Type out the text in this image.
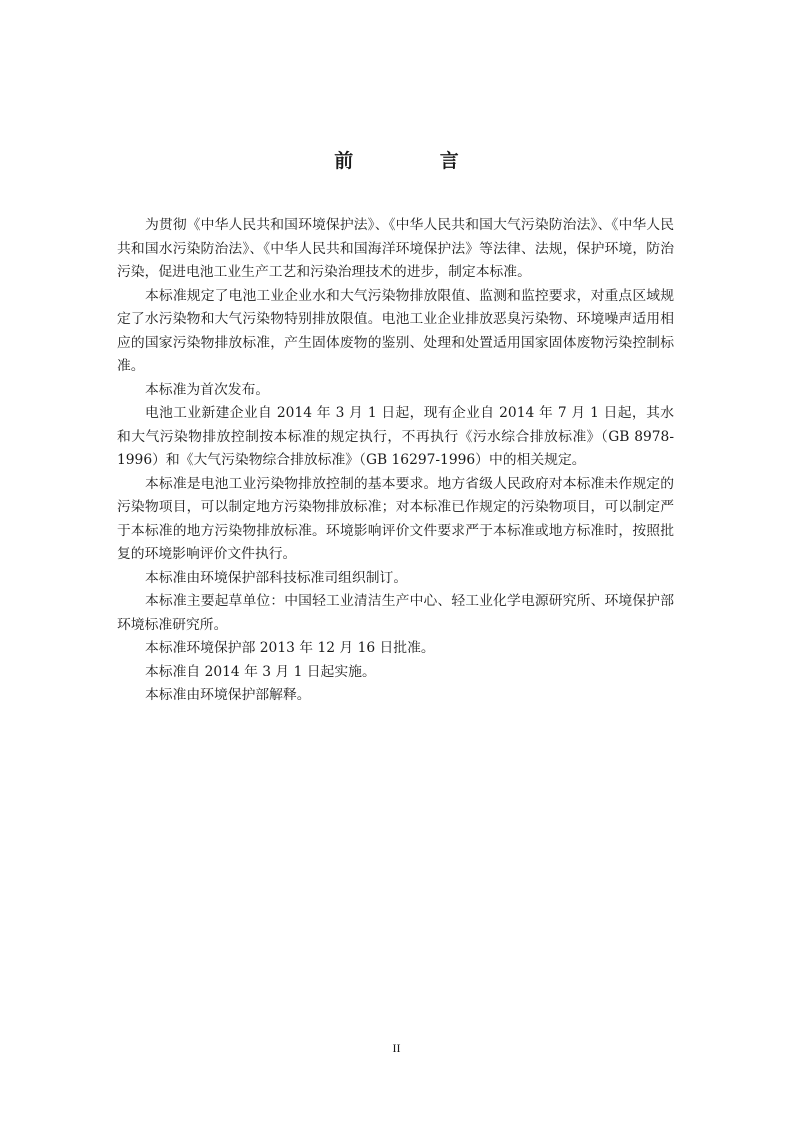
前 言

为贯彻《中华人民共和国环境保护法》、《中华人民共和国大气污染防治法》、《中华人民共和国水污染防治法》、《中华人民共和国海洋环境保护法》等法律、法规，保护环境，防治污染，促进电池工业生产工艺和污染治理技术的进步，制定本标准。

本标准规定了电池工业企业水和大气污染物排放限值、监测和监控要求，对重点区域规定了水污染物和大气污染物特别排放限值。电池工业企业排放恶臭污染物、环境噪声适用相应的国家污染物排放标准，产生固体废物的鉴别、处理和处置适用国家固体废物污染控制标准。

本标准为首次发布。

电池工业新建企业自 2014 年 3 月 1 日起，现有企业自 2014 年 7 月 1 日起，其水和大气污染物排放控制按本标准的规定执行，不再执行《污水综合排放标准》（GB 8978-1996）和《大气污染物综合排放标准》（GB 16297-1996）中的相关规定。

本标准是电池工业污染物排放控制的基本要求。地方省级人民政府对本标准未作规定的污染物项目，可以制定地方污染物排放标准；对本标准已作规定的污染物项目，可以制定严于本标准的地方污染物排放标准。环境影响评价文件要求严于本标准或地方标准时，按照批复的环境影响评价文件执行。

本标准由环境保护部科技标准司组织制订。

本标准主要起草单位：中国轻工业清洁生产中心、轻工业化学电源研究所、环境保护部环境标准研究所。

本标准环境保护部 2013 年 12 月 16 日批准。

本标准自 2014 年 3 月 1 日起实施。

本标准由环境保护部解释。

II
